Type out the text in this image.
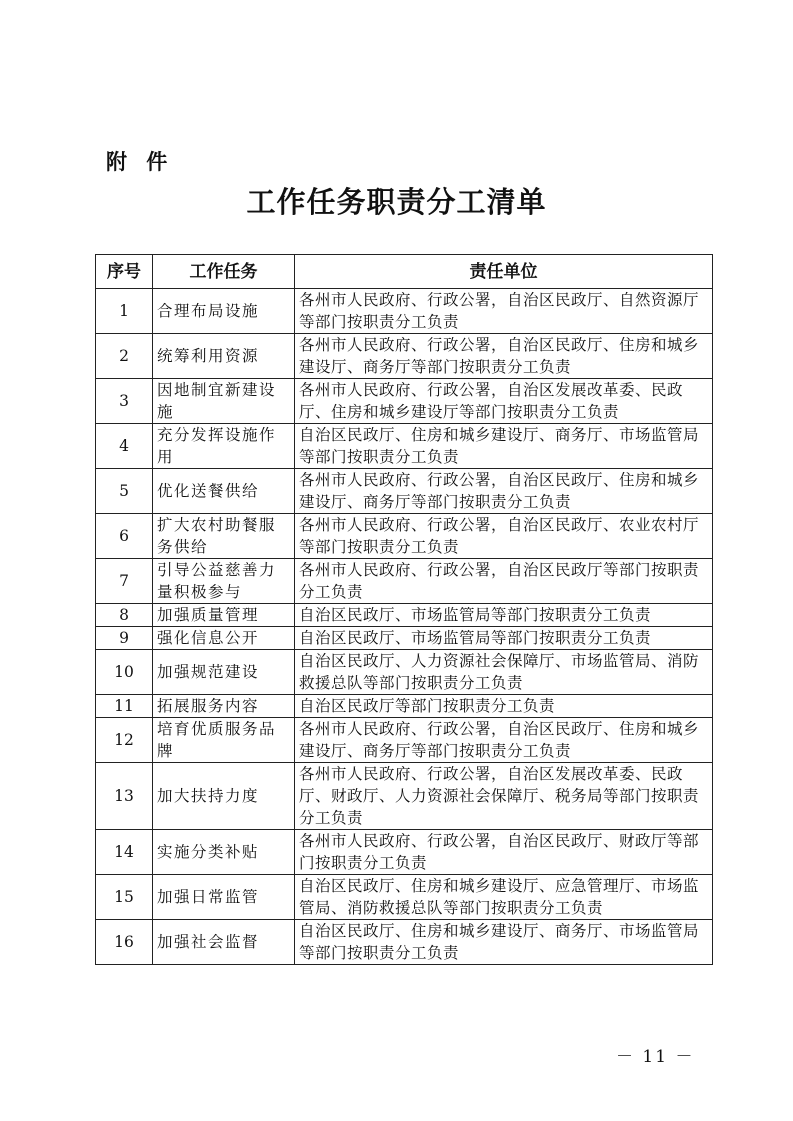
附 件
工作任务职责分工清单
序号	工作任务	责任单位
1	合理布局设施	各州市人民政府、行政公署，自治区民政厅、自然资源厅等部门按职责分工负责
2	统筹利用资源	各州市人民政府、行政公署，自治区民政厅、住房和城乡建设厅、商务厅等部门按职责分工负责
3	因地制宜新建设施	各州市人民政府、行政公署，自治区发展改革委、民政厅、住房和城乡建设厅等部门按职责分工负责
4	充分发挥设施作用	自治区民政厅、住房和城乡建设厅、商务厅、市场监管局等部门按职责分工负责
5	优化送餐供给	各州市人民政府、行政公署，自治区民政厅、住房和城乡建设厅、商务厅等部门按职责分工负责
6	扩大农村助餐服务供给	各州市人民政府、行政公署，自治区民政厅、农业农村厅等部门按职责分工负责
7	引导公益慈善力量积极参与	各州市人民政府、行政公署，自治区民政厅等部门按职责分工负责
8	加强质量管理	自治区民政厅、市场监管局等部门按职责分工负责
9	强化信息公开	自治区民政厅、市场监管局等部门按职责分工负责
10	加强规范建设	自治区民政厅、人力资源社会保障厅、市场监管局、消防救援总队等部门按职责分工负责
11	拓展服务内容	自治区民政厅等部门按职责分工负责
12	培育优质服务品牌	各州市人民政府、行政公署，自治区民政厅、住房和城乡建设厅、商务厅等部门按职责分工负责
13	加大扶持力度	各州市人民政府、行政公署，自治区发展改革委、民政厅、财政厅、人力资源社会保障厅、税务局等部门按职责分工负责
14	实施分类补贴	各州市人民政府、行政公署，自治区民政厅、财政厅等部门按职责分工负责
15	加强日常监管	自治区民政厅、住房和城乡建设厅、应急管理厅、市场监管局、消防救援总队等部门按职责分工负责
16	加强社会监督	自治区民政厅、住房和城乡建设厅、商务厅、市场监管局等部门按职责分工负责
－ 11 －
